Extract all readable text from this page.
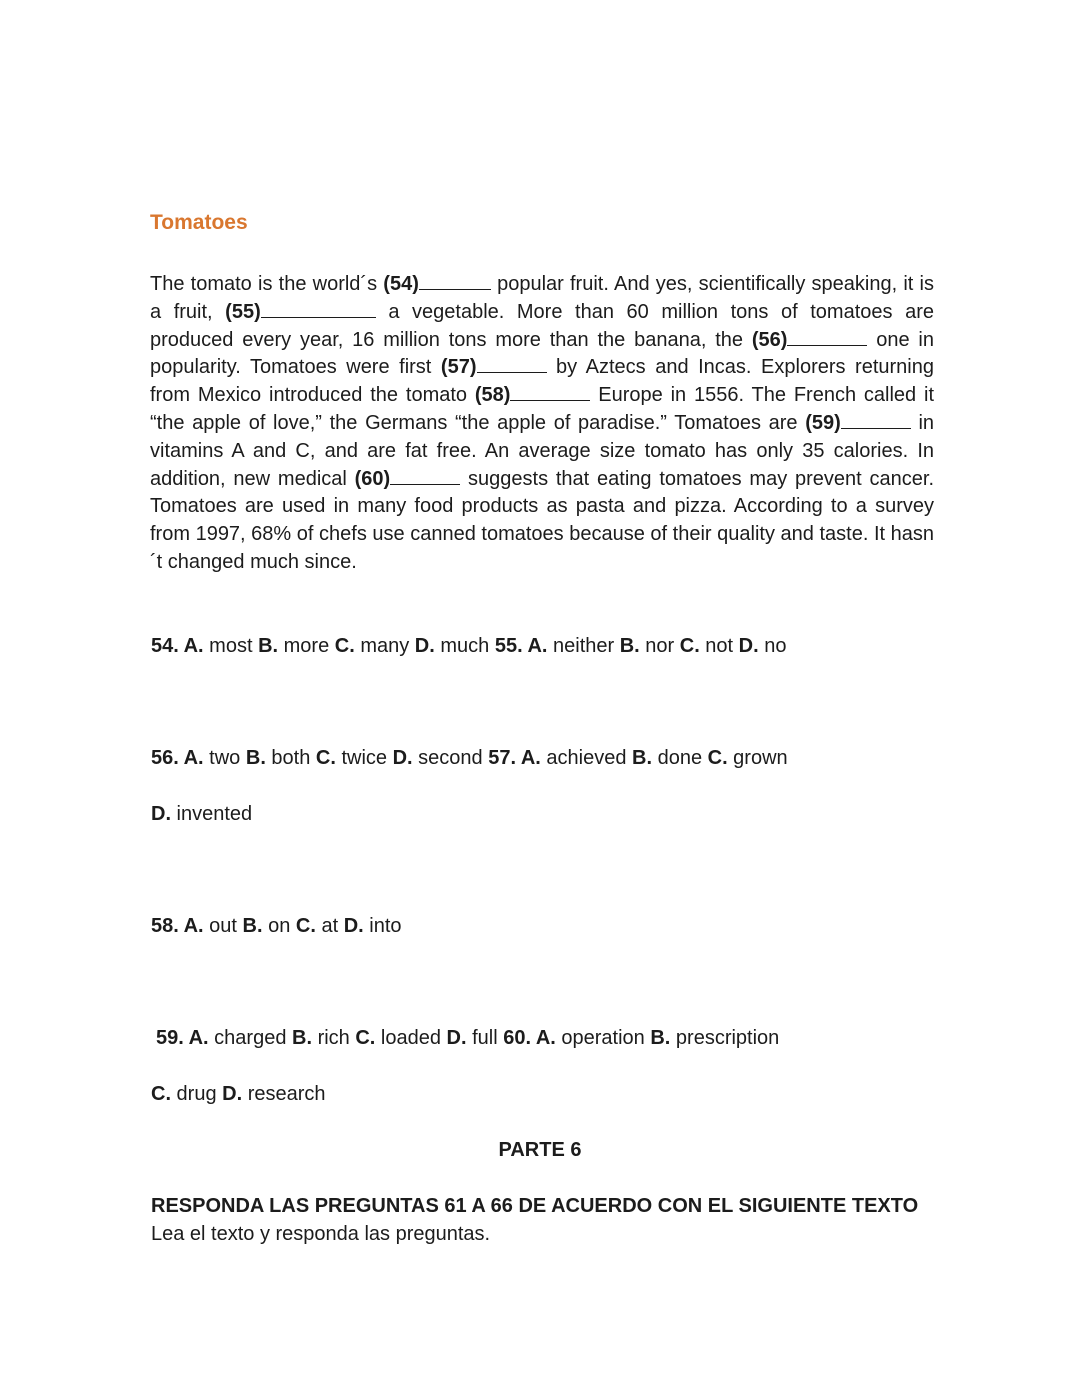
Tomatoes
The tomato is the world´s (54)	popular fruit. And yes, scientifically speaking, it is a fruit, (55)	a vegetable. More than 60 million tons of tomatoes are produced every year, 16 million tons more than the banana, the (56)	one in popularity. Tomatoes were first (57)	by Aztecs and Incas. Explorers returning from Mexico introduced the tomato (58)	Europe in 1556. The French called it “the apple of love,” the Germans “the apple of paradise.” Tomatoes are (59)	in vitamins A and C, and are fat free. An average size tomato has only 35 calories. In addition, new medical (60)	suggests that eating tomatoes may prevent cancer. Tomatoes are used in many food products as pasta and pizza. According to a survey from 1997, 68% of chefs use canned tomatoes because of their quality and taste. It hasn´t changed much since.
54. A. most B. more C. many D. much 55. A. neither B. nor C. not D. no
56. A. two B. both C. twice D. second 57. A. achieved B. done C. grown
D. invented
58. A. out B. on C. at D. into
59. A. charged B. rich C. loaded D. full 60. A. operation B. prescription
C. drug D. research
PARTE 6
RESPONDA LAS PREGUNTAS 61 A 66 DE ACUERDO CON EL SIGUIENTE TEXTO
Lea el texto y responda las preguntas.
